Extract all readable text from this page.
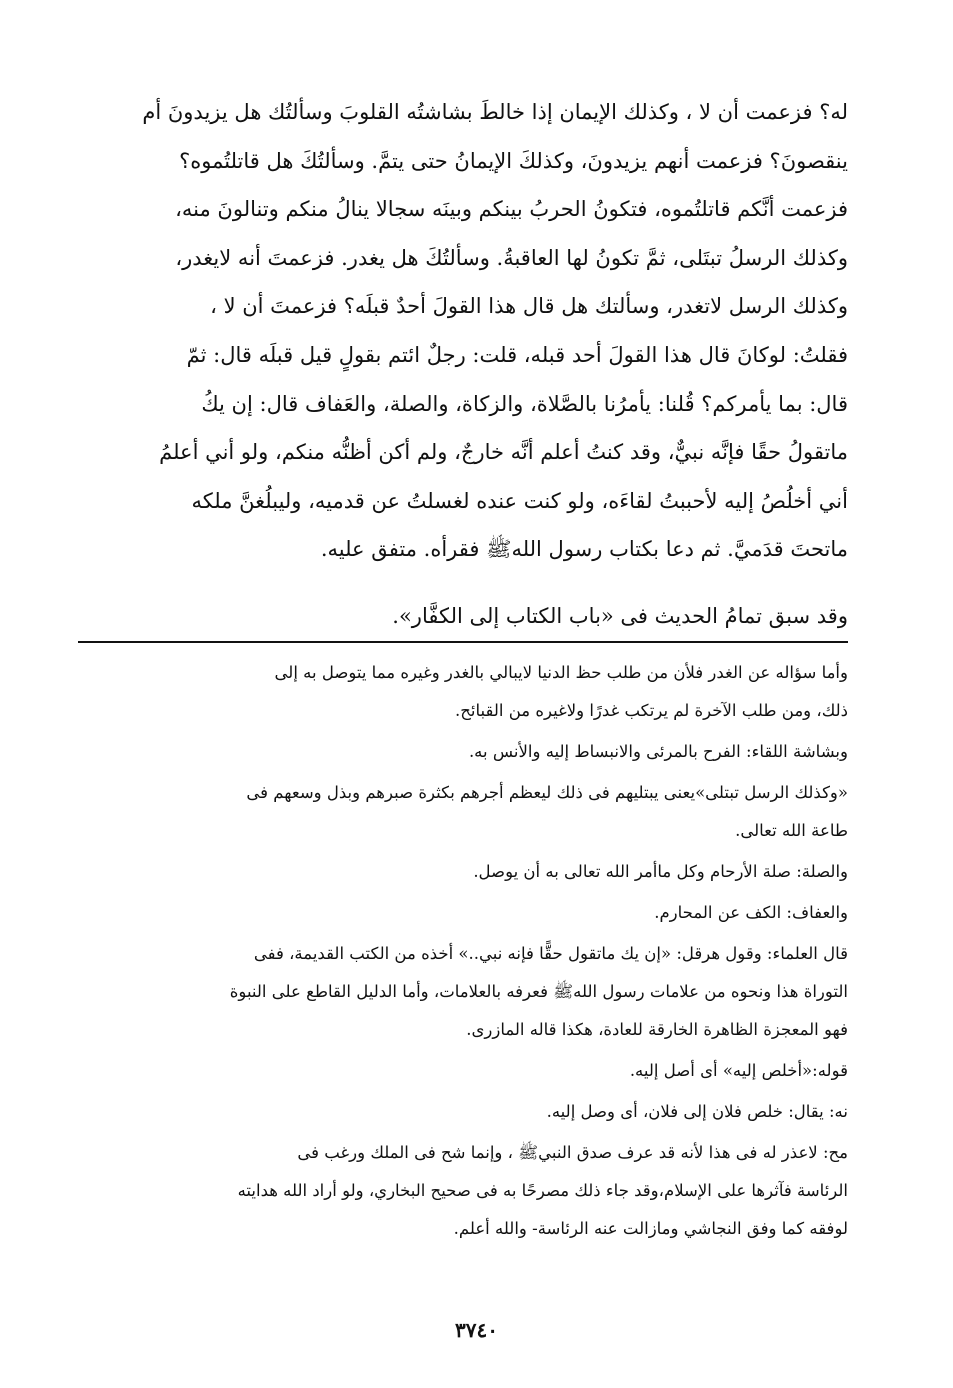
له؟ فزعمت أن لا ، وكذلك الإيمان إذا خالطَ بشاشتُه القلوبَ وسألتُك هل يزيدونَ أم
ينقصونَ؟ فزعمت أنهم يزيدونَ، وكذلكَ الإيمانُ حتى يتمَّ. وسألتُكَ هل قاتلتُموه؟
فزعمت أنَّكم قاتلتُموه، فتكونُ الحربُ بينكم وبينَه سجالا ينالُ منكم وتنالونَ منه،
وكذلك الرسلُ تبتَلى، ثمَّ تكونُ لها العاقبةُ. وسألتُكَ هل يغدر. فزعمتَ أنه لايغدر،
وكذلك الرسل لاتغدر، وسألتك هل قال هذا القولَ أحدٌ قبلَه؟ فزعمتَ أن لا ،
فقلتُ: لوكانَ قال هذا القولَ أحد قبله، قلت: رجلٌ ائتم بقولٍ قيل قبلَه قال: ثمّ
قال: بما يأمركم؟ قُلنا: يأمرُنا بالصَّلاة، والزكاة، والصلة، والعَفاف قال: إن يكُ
ماتقولُ حقًا فإنَّه نبيٌّ، وقد كنتُ أعلم أنَّه خارجٌ، ولم أكن أظنُّه منكم، ولو أني أعلمُ
أني أخلُصُ إليه لأحببتُ لقاءَه، ولو كنت عنده لغسلتُ عن قدميه، وليبلُغنَّ ملكه
ماتحتَ قدَميَّ. ثم دعا بكتاب رسول اللهﷺ فقرأه. متفق عليه.
وقد سبق تمامُ الحديث فى «باب الكتاب إلى الكفَّار».
وأما سؤاله عن الغدر فلأن من طلب حظ الدنيا لايبالي بالغدر وغيره مما يتوصل به إلى
ذلك، ومن طلب الآخرة لم يرتكب غدرًا ولاغيره من القبائح.
وبشاشة اللقاء: الفرح بالمرئى والانبساط إليه والأنس به.
«وكذلك الرسل تبتلى»يعنى يبتليهم فى ذلك ليعظم أجرهم بكثرة صبرهم وبذل وسعهم فى
طاعة الله تعالى.
والصلة: صلة الأرحام وكل ماأمر الله تعالى به أن يوصل.
والعفاف: الكف عن المحارم.
قال العلماء: وقول هرقل: «إن يك ماتقول حقًّا فإنه نبي..» أخذه من الكتب القديمة، ففى
التوراة هذا ونحوه من علامات رسول اللهﷺ فعرفه بالعلامات، وأما الدليل القاطع على النبوة
فهو المعجزة الظاهرة الخارقة للعادة، هكذا قاله المازرى.
قوله:«أخلص إليه» أى أصل إليه.
نه: يقال: خلص فلان إلى فلان، أى وصل إليه.
مح: لاعذر له فى هذا لأنه قد عرف صدق النبيﷺ ، وإنما شح فى الملك ورغب فى
الرئاسة فآثرها على الإسلام،وقد جاء ذلك مصرحًا به فى صحيح البخاري، ولو أراد الله هدايته
لوفقه كما وفق النجاشي ومازالت عنه الرئاسة- والله أعلم.
٣٧٤٠
